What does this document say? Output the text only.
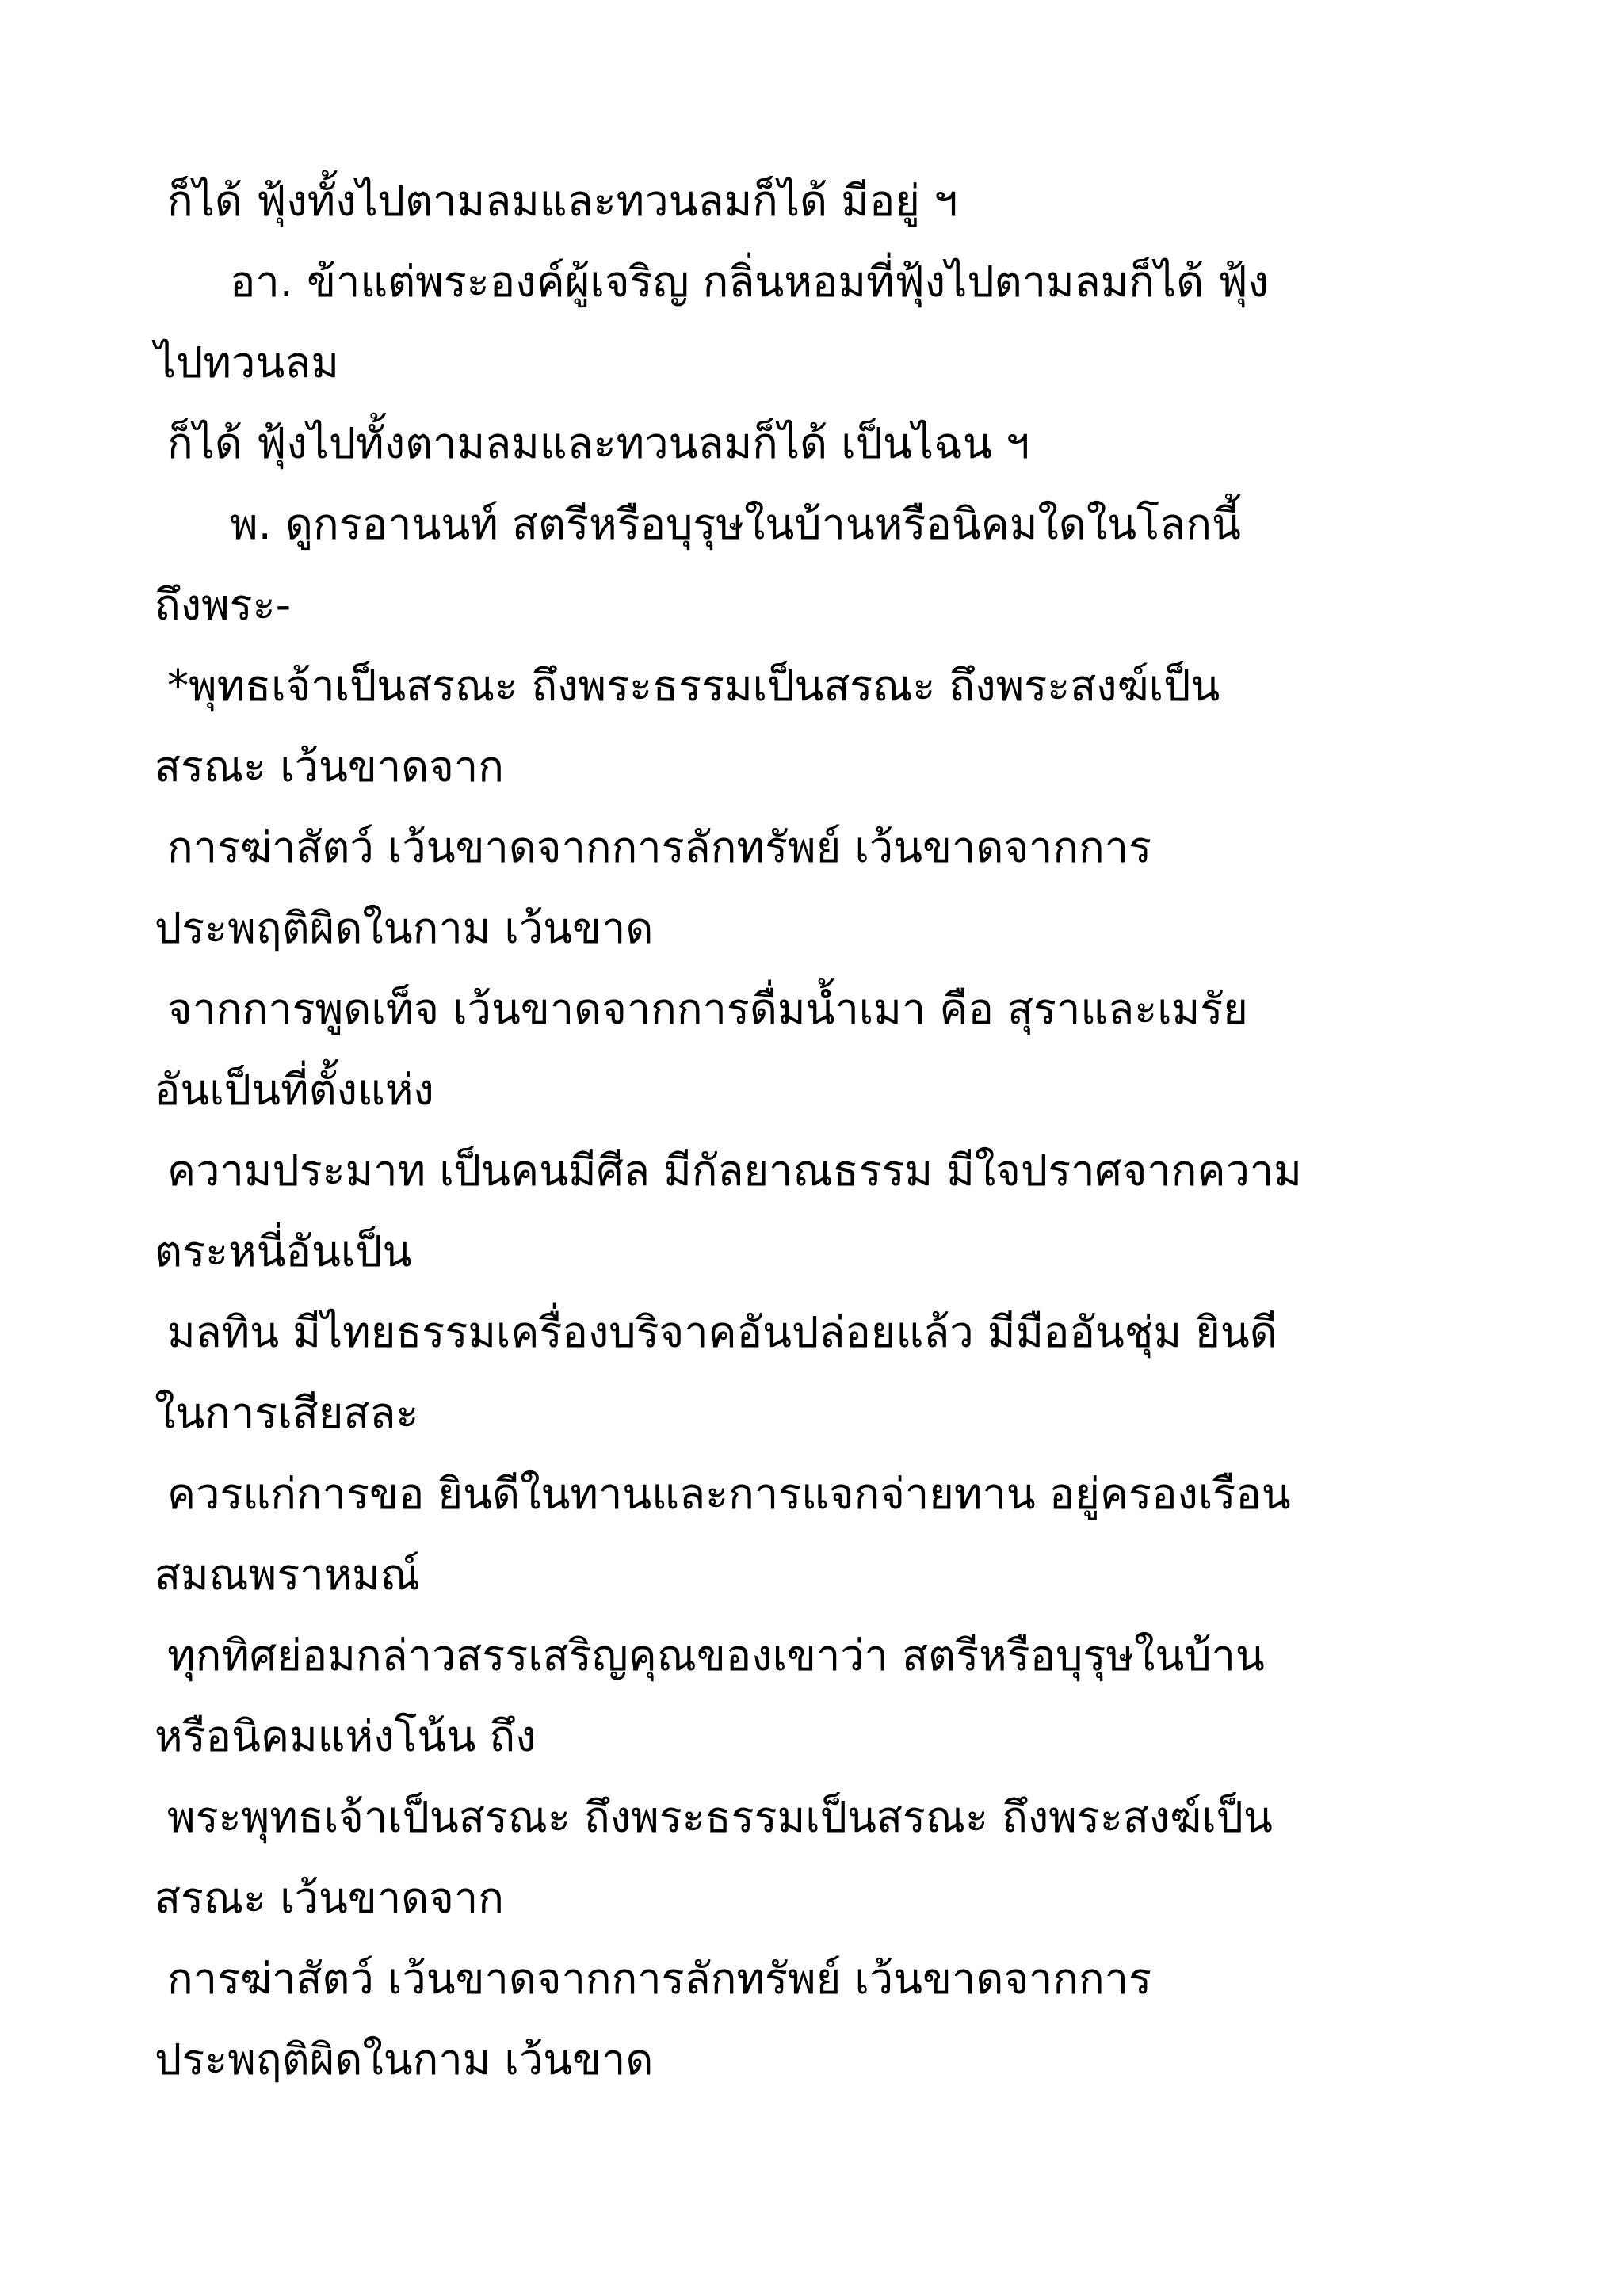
ก็ได้ ฟุ้งทั้งไปตามลมและทวนลมก็ได้ มีอยู่ ฯ
อา. ข้าแต่พระองค์ผู้เจริญ กลิ่นหอมที่ฟุ้งไปตามลมก็ได้ ฟุ้ง
ไปทวนลม
ก็ได้ ฟุ้งไปทั้งตามลมและทวนลมก็ได้ เป็นไฉน ฯ
พ. ดูกรอานนท์ สตรีหรือบุรุษในบ้านหรือนิคมใดในโลกนี้
ถึงพระ-
*พุทธเจ้าเป็นสรณะ ถึงพระธรรมเป็นสรณะ ถึงพระสงฆ์เป็น
สรณะ เว้นขาดจาก
การฆ่าสัตว์ เว้นขาดจากการลักทรัพย์ เว้นขาดจากการ
ประพฤติผิดในกาม เว้นขาด
จากการพูดเท็จ เว้นขาดจากการดื่มน้ำเมา คือ สุราและเมรัย
อันเป็นที่ตั้งแห่ง
ความประมาท เป็นคนมีศีล มีกัลยาณธรรม มีใจปราศจากความ
ตระหนี่อันเป็น
มลทิน มีไทยธรรมเครื่องบริจาคอันปล่อยแล้ว มีมืออันชุ่ม ยินดี
ในการเสียสละ
ควรแก่การขอ ยินดีในทานและการแจกจ่ายทาน อยู่ครองเรือน
สมณพราหมณ์
ทุกทิศย่อมกล่าวสรรเสริญคุณของเขาว่า สตรีหรือบุรุษในบ้าน
หรือนิคมแห่งโน้น ถึง
พระพุทธเจ้าเป็นสรณะ ถึงพระธรรมเป็นสรณะ ถึงพระสงฆ์เป็น
สรณะ เว้นขาดจาก
การฆ่าสัตว์ เว้นขาดจากการลักทรัพย์ เว้นขาดจากการ
ประพฤติผิดในกาม เว้นขาด
